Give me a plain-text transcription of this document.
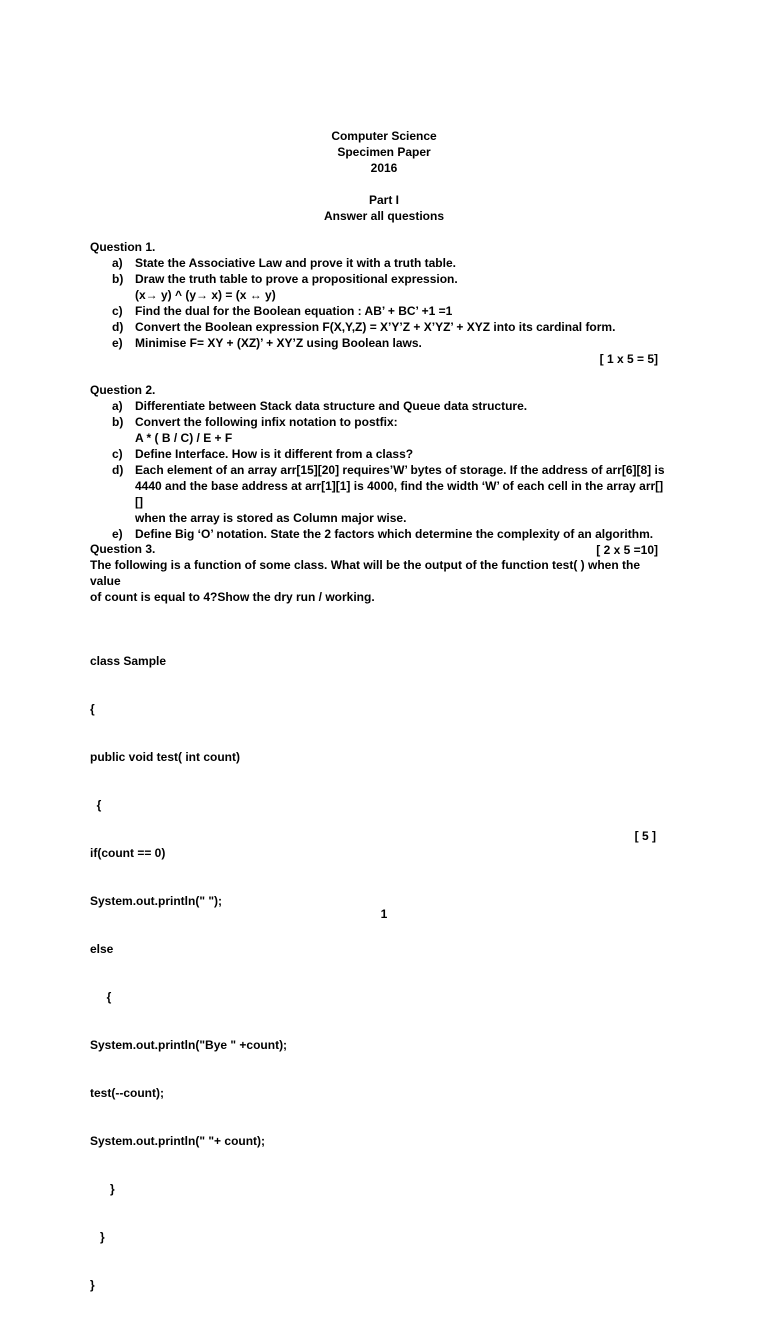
Computer Science
Specimen Paper
2016
Part I
Answer all questions
Question 1.
a) State the Associative Law and prove it with a truth table.
b) Draw the truth table to prove a propositional expression.
(x→ y) ^ (y→ x) = (x ↔ y)
c) Find the dual for the Boolean equation : AB’ + BC’ +1 =1
d) Convert the Boolean expression F(X,Y,Z) = X’Y’Z + X’YZ’ + XYZ into its cardinal form.
e) Minimise F= XY + (XZ)’ + XY’Z using Boolean laws.
[ 1 x 5 = 5]
Question 2.
a) Differentiate between Stack data structure and Queue data structure.
b) Convert the following infix notation to postfix:
A * ( B / C) / E + F
c) Define Interface. How is it different from a class?
d) Each element of an array arr[15][20] requires’W’ bytes of storage. If the address of arr[6][8] is
4440 and the base address at arr[1][1] is 4000, find the width ‘W’ of each cell in the array arr[][]
when the array is stored as Column major wise.
e) Define Big ‘O’ notation. State the 2 factors which determine the complexity of an algorithm.
[ 2 x 5 =10]
Question 3.
The following is a function of some class. What will be the output of the function test( ) when the value
of count is equal to 4?Show the dry run / working.

class Sample

{

public void test( int count)

{

if(count == 0)

System.out.println(" ");

else

{

System.out.println("Bye " +count);

test(--count);

System.out.println(" "+ count);

}

}

}

[ 5 ]
1
